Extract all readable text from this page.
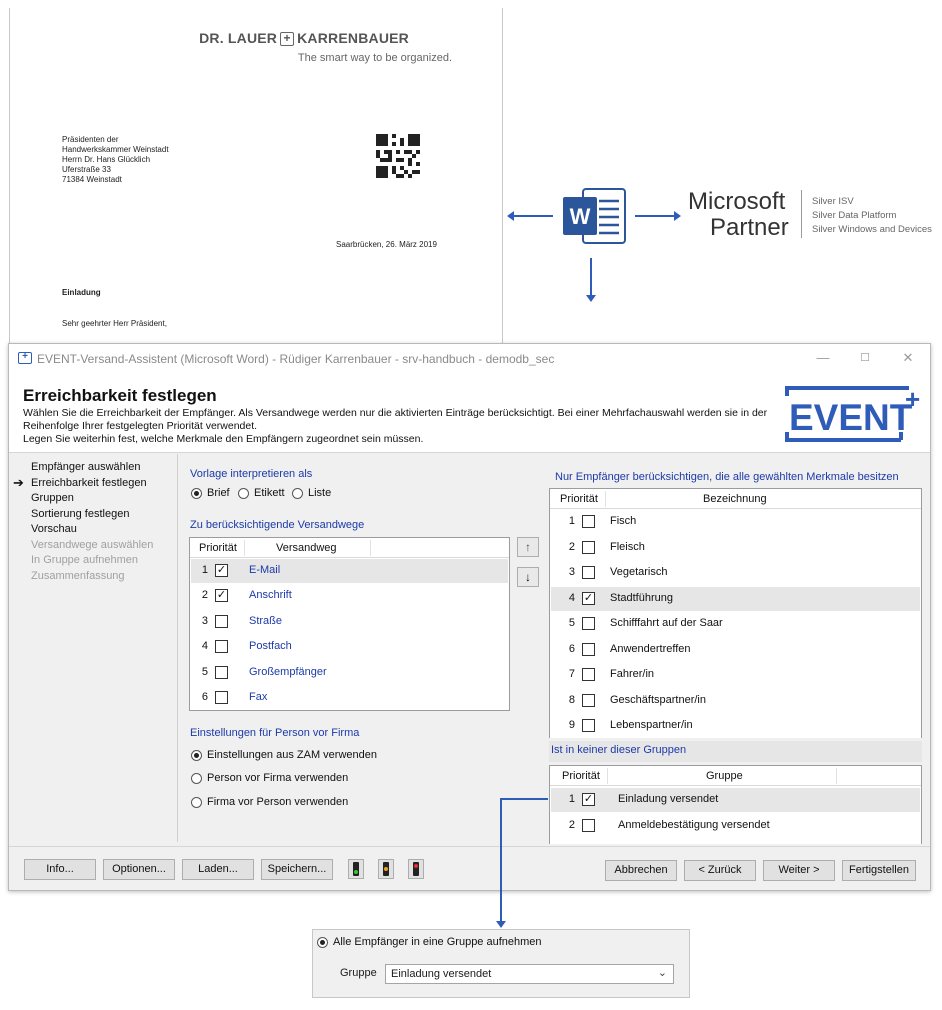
DR. LAUER + KARRENBAUER
The smart way to be organized.
Präsidenten der
Handwerkskammer Weinstadt
Herrn Dr. Hans Glücklich
Uferstraße 33
71384 Weinstadt
Saarbrücken, 26. März 2019
Einladung
Sehr geehrter Herr Präsident,
W
Microsoft
Partner
Silver ISV
Silver Data Platform
Silver Windows and Devices
+ EVENT-Versand-Assistent (Microsoft Word) - Rüdiger Karrenbauer - srv-handbuch - demodb_sec	—	☐	✕
Erreichbarkeit festlegen
Wählen Sie die Erreichbarkeit der Empfänger. Als Versandwege werden nur die aktivierten Einträge berücksichtigt. Bei einer Mehrfachauswahl werden sie in der Reihenfolge Ihrer festgelegten Priorität verwendet.
Legen Sie weiterhin fest, welche Merkmale den Empfängern zugeordnet sein müssen.
EVENT
+
Empfänger auswählen
➔ Erreichbarkeit festlegen
Gruppen
Sortierung festlegen
Vorschau
Versandwege auswählen
In Gruppe aufnehmen
Zusammenfassung
Vorlage interpretieren als
Brief Etikett Liste
Zu berücksichtigende Versandwege
Priorität	Versandweg
1 ✓ E-Mail
2 ✓ Anschrift
3	Straße
4	Postfach
5	Großempfänger
6	Fax
↑
↓
Einstellungen für Person vor Firma
Einstellungen aus ZAM verwenden
Person vor Firma verwenden
Firma vor Person verwenden
Nur Empfänger berücksichtigen, die alle gewählten Merkmale besitzen
Priorität	Bezeichnung
1	Fisch
2	Fleisch
3	Vegetarisch
4 ✓ Stadtführung
5	Schifffahrt auf der Saar
6	Anwendertreffen
7	Fahrer/in
8	Geschäftspartner/in
9	Lebenspartner/in
Ist in keiner dieser Gruppen
Priorität	Gruppe
1 ✓ Einladung versendet
2	Anmeldebestätigung versendet
Info...	Optionen...	Laden...	Speichern...	Abbrechen	< Zurück	Weiter >	Fertigstellen
Alle Empfänger in eine Gruppe aufnehmen
Gruppe Einladung versendet	⌄
